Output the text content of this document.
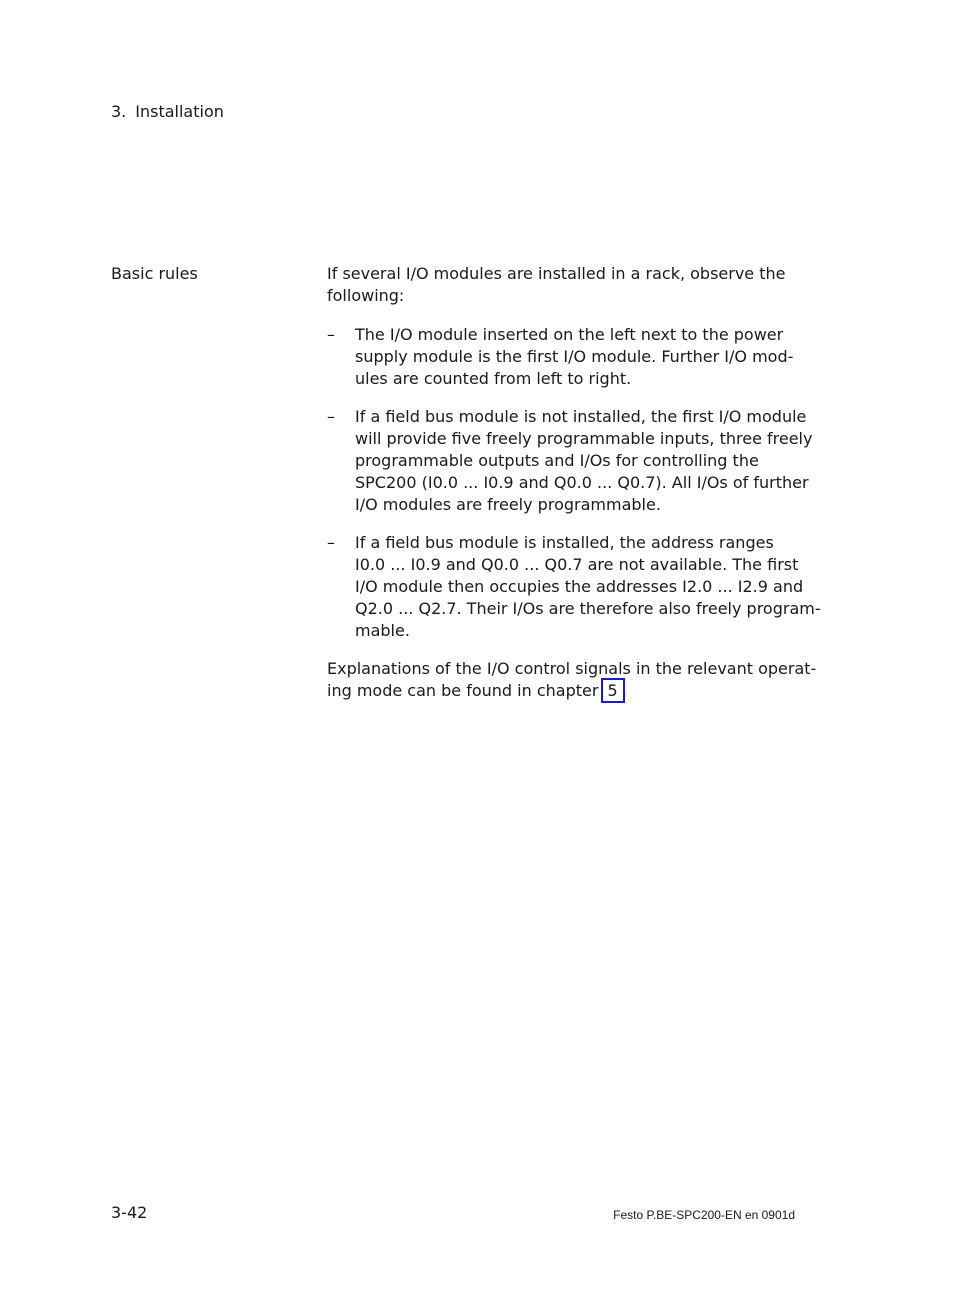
3. Installation
Basic rules	If several I/O modules are installed in a rack, observe the
following:
– The I/O module inserted on the left next to the power
supply module is the first I/O module. Further I/O mod-
ules are counted from left to right.
– If a field bus module is not installed, the first I/O module
will provide five freely programmable inputs, three freely
programmable outputs and I/Os for controlling the
SPC200 (I0.0 ... I0.9 and Q0.0 ... Q0.7). All I/Os of further
I/O modules are freely programmable.
– If a field bus module is installed, the address ranges
I0.0 ... I0.9 and Q0.0 ... Q0.7 are not available. The first
I/O module then occupies the addresses I2.0 ... I2.9 and
Q2.0 ... Q2.7. Their I/Os are therefore also freely program-
mable.
Explanations of the I/O control signals in the relevant operat-
ing mode can be found in chapter 5 .
3-42	Festo P.BE-SPC200-EN en 0901d
